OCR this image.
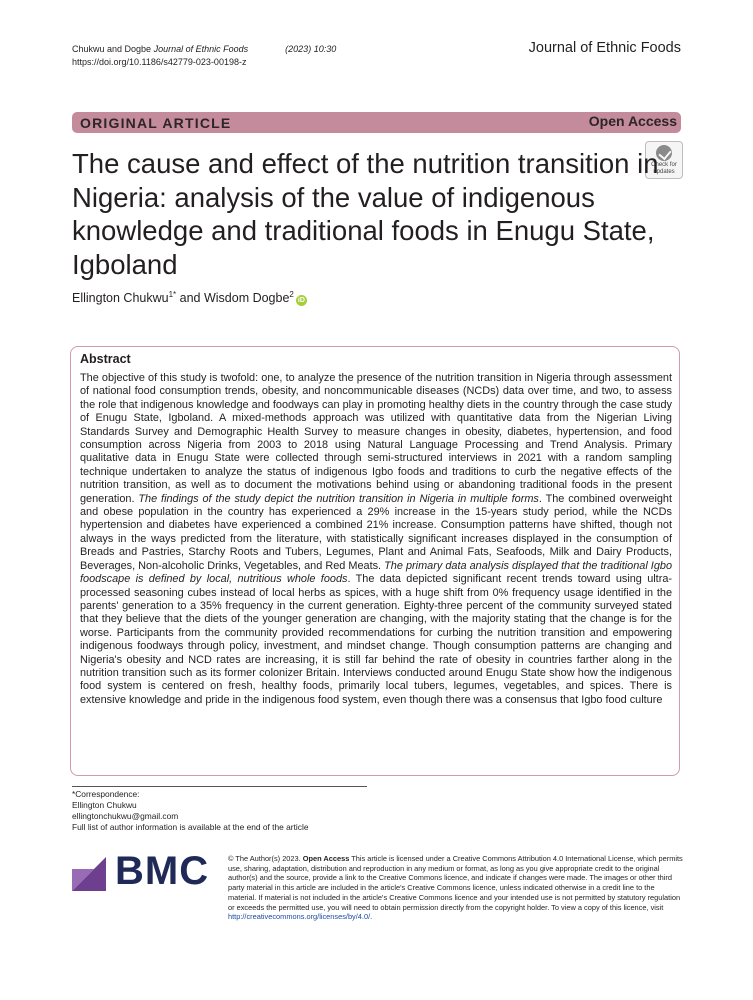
Chukwu and Dogbe Journal of Ethnic Foods	(2023) 10:30
https://doi.org/10.1186/s42779-023-00198-z
Journal of Ethnic Foods
ORIGINAL ARTICLE	Open Access
Check for
updates
The cause and effect of the nutrition transition in Nigeria: analysis of the value of indigenous knowledge and traditional foods in Enugu State, Igboland
Ellington Chukwu$^{1*}$ and Wisdom Dogbe$^2$iD
Abstract
The objective of this study is twofold: one, to analyze the presence of the nutrition transition in Nigeria through assessment of national food consumption trends, obesity, and noncommunicable diseases (NCDs) data over time, and two, to assess the role that indigenous knowledge and foodways can play in promoting healthy diets in the country through the case study of Enugu State, Igboland. A mixed-methods approach was utilized with quantitative data from the Nigerian Living Standards Survey and Demographic Health Survey to measure changes in obesity, diabetes, hypertension, and food consumption across Nigeria from 2003 to 2018 using Natural Language Processing and Trend Analysis. Primary qualitative data in Enugu State were collected through semi-structured interviews in 2021 with a random sampling technique undertaken to analyze the status of indigenous Igbo foods and traditions to curb the negative effects of the nutrition transition, as well as to document the motivations behind using or abandoning traditional foods in the present generation. The findings of the study depict the nutrition transition in Nigeria in multiple forms. The combined overweight and obese population in the country has experienced a 29% increase in the 15-years study period, while the NCDs hypertension and diabetes have experienced a combined 21% increase. Consumption patterns have shifted, though not always in the ways predicted from the literature, with statistically significant increases displayed in the consumption of Breads and Pastries, Starchy Roots and Tubers, Legumes, Plant and Animal Fats, Seafoods, Milk and Dairy Products, Beverages, Non-alcoholic Drinks, Vegetables, and Red Meats. The primary data analysis displayed that the traditional Igbo foodscape is defined by local, nutritious whole foods. The data depicted significant recent trends toward using ultra-processed seasoning cubes instead of local herbs as spices, with a huge shift from 0% frequency usage identified in the parents' generation to a 35% frequency in the current generation. Eighty-three percent of the community surveyed stated that they believe that the diets of the younger generation are changing, with the majority stating that the change is for the worse. Participants from the community provided recommendations for curbing the nutrition transition and empowering indigenous foodways through policy, investment, and mindset change. Though consumption patterns are changing and Nigeria's obesity and NCD rates are increasing, it is still far behind the rate of obesity in countries farther along in the nutrition transition such as its former colonizer Britain. Interviews conducted around Enugu State show how the indigenous food system is centered on fresh, healthy foods, primarily local tubers, legumes, vegetables, and spices. There is extensive knowledge and pride in the indigenous food system, even though there was a consensus that Igbo food culture
*Correspondence:
Ellington Chukwu
ellingtonchukwu@gmail.com
Full list of author information is available at the end of the article
BMC	© The Author(s) 2023. Open Access This article is licensed under a Creative Commons Attribution 4.0 International License, which permits use, sharing, adaptation, distribution and reproduction in any medium or format, as long as you give appropriate credit to the original author(s) and the source, provide a link to the Creative Commons licence, and indicate if changes were made. The images or other third party material in this article are included in the article's Creative Commons licence, unless indicated otherwise in a credit line to the material. If material is not included in the article's Creative Commons licence and your intended use is not permitted by statutory regulation or exceeds the permitted use, you will need to obtain permission directly from the copyright holder. To view a copy of this licence, visit http://creativecommons.org/licenses/by/4.0/.
